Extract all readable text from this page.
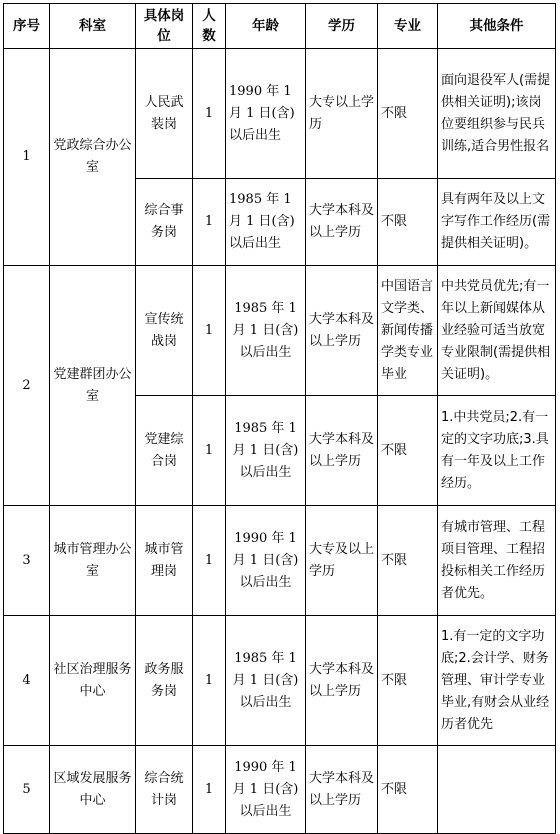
序号	科室	具体岗位	人数	年龄	学历	专业	其他条件
1	党政综合办公室	人民武装岗	1	1990 年 1 月 1 日(含)以后出生	大专以上学历	不限	面向退役军人(需提供相关证明);该岗位要组织参与民兵训练,适合男性报名
		综合事务岗	1	1985 年 1 月 1 日(含)以后出生	大学本科及以上学历	不限	具有两年及以上文字写作工作经历(需提供相关证明)。
2	党建群团办公室	宣传统战岗	1	1985 年 1 月 1 日(含)以后出生	大学本科及以上学历	中国语言文学类、新闻传播学类专业毕业	中共党员优先;有一年以上新闻媒体从业经验可适当放宽专业限制(需提供相关证明)。
		党建综合岗	1	1985 年 1 月 1 日(含)以后出生	大学本科及以上学历	不限	1.中共党员;2.有一定的文字功底;3.具有一年及以上工作经历。
3	城市管理办公室	城市管理岗	1	1990 年 1 月 1 日(含)以后出生	大专及以上学历	不限	有城市管理、工程项目管理、工程招投标相关工作经历者优先。
4	社区治理服务中心	政务服务岗	1	1985 年 1 月 1 日(含)以后出生	大学本科及以上学历	不限	1.有一定的文字功底;2.会计学、财务管理、审计学专业毕业,有财会从业经历者优先
5	区域发展服务中心	综合统计岗	1	1990 年 1 月 1 日(含)以后出生	大学本科及以上学历	不限	
